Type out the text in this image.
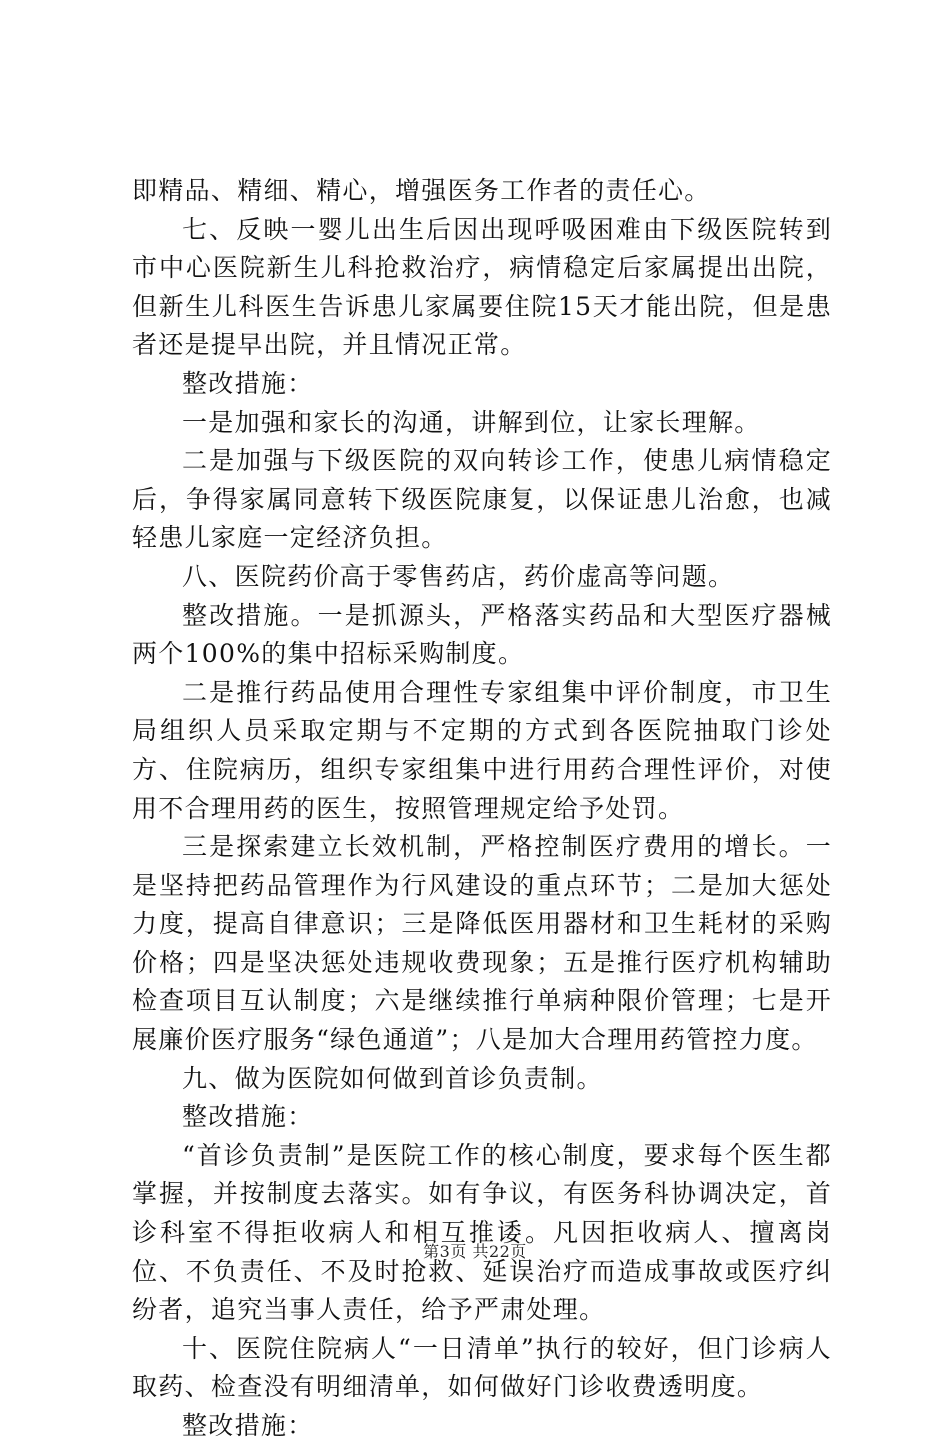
即精品、精细、精心，增强医务工作者的责任心。

七、反映一婴儿出生后因出现呼吸困难由下级医院转到市中心医院新生儿科抢救治疗，病情稳定后家属提出出院，但新生儿科医生告诉患儿家属要住院15天才能出院，但是患者还是提早出院，并且情况正常。

整改措施：

一是加强和家长的沟通，讲解到位，让家长理解。

二是加强与下级医院的双向转诊工作，使患儿病情稳定后，争得家属同意转下级医院康复，以保证患儿治愈，也减轻患儿家庭一定经济负担。

八、医院药价高于零售药店，药价虚高等问题。

整改措施。一是抓源头，严格落实药品和大型医疗器械两个100%的集中招标采购制度。

二是推行药品使用合理性专家组集中评价制度，市卫生局组织人员采取定期与不定期的方式到各医院抽取门诊处方、住院病历，组织专家组集中进行用药合理性评价，对使用不合理用药的医生，按照管理规定给予处罚。

三是探索建立长效机制，严格控制医疗费用的增长。一是坚持把药品管理作为行风建设的重点环节；二是加大惩处力度，提高自律意识；三是降低医用器材和卫生耗材的采购价格；四是坚决惩处违规收费现象；五是推行医疗机构辅助检查项目互认制度；六是继续推行单病种限价管理；七是开展廉价医疗服务“绿色通道”；八是加大合理用药管控力度。

九、做为医院如何做到首诊负责制。

整改措施：

“首诊负责制”是医院工作的核心制度，要求每个医生都掌握，并按制度去落实。如有争议，有医务科协调决定，首诊科室不得拒收病人和相互推诿。凡因拒收病人、擅离岗位、不负责任、不及时抢救、延误治疗而造成事故或医疗纠纷者，追究当事人责任，给予严肃处理。

十、医院住院病人“一日清单”执行的较好，但门诊病人取药、检查没有明细清单，如何做好门诊收费透明度。

整改措施：

第3页 共22页
